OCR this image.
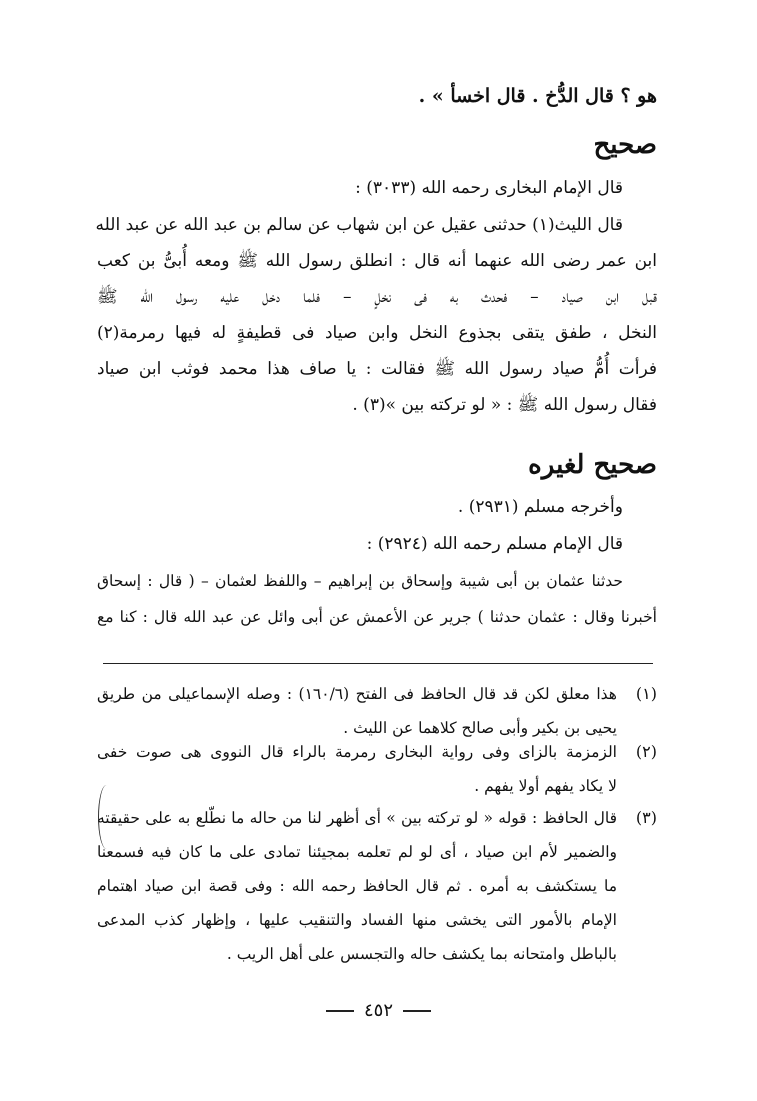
هو ؟ قال الدُّخ . قال اخسأ » .
صحيح
قال الإمام البخارى رحمه الله (٣٠٣٣) :
قال الليث(١) حدثنى عقيل عن ابن شهاب عن سالم بن عبد الله عن عبد الله
ابن عمر رضى الله عنهما أنه قال : انطلق رسول الله ﷺ ومعه أُبىُّ بن كعب
قبل ابن صياد – فحدث به فى نخلٍ – فلما دخل عليه رسول الله ﷺ
النخل ، طفق يتقى بجذوع النخل وابن صياد فى قطيفةٍ له فيها رمرمة(٢)
فرأت أُمُّ صياد رسول الله ﷺ فقالت : يا صاف هذا محمد فوثب ابن صياد
فقال رسول الله ﷺ : « لو تركته بين »(٣) .
صحيح لغيره
وأخرجه مسلم (٢٩٣١) .
قال الإمام مسلم رحمه الله (٢٩٢٤) :
حدثنا عثمان بن أبى شيبة وإسحاق بن إبراهيم – واللفظ لعثمان – ( قال : إسحاق
أخبرنا وقال : عثمان حدثنا ) جرير عن الأعمش عن أبى وائل عن عبد الله قال : كنا مع
(١)
هذا معلق لكن قد قال الحافظ فى الفتح (١٦٠/٦) : وصله الإسماعيلى من طريق
يحيى بن بكير وأبى صالح كلاهما عن الليث .
(٢)
الزمزمة بالزاى وفى رواية البخارى رمرمة بالراء قال النووى هى صوت خفى
لا يكاد يفهم أولا يفهم .
(٣)
قال الحافظ : قوله « لو تركته بين » أى أظهر لنا من حاله ما نطّلع به على حقيقته
والضمير لأم ابن صياد ، أى لو لم تعلمه بمجيئنا تمادى على ما كان فيه فسمعنا
ما يستكشف به أمره . ثم قال الحافظ رحمه الله : وفى قصة ابن صياد اهتمام
الإمام بالأمور التى يخشى منها الفساد والتنقيب عليها ، وإظهار كذب المدعى
بالباطل وامتحانه بما يكشف حاله والتجسس على أهل الريب .
٤٥٢
